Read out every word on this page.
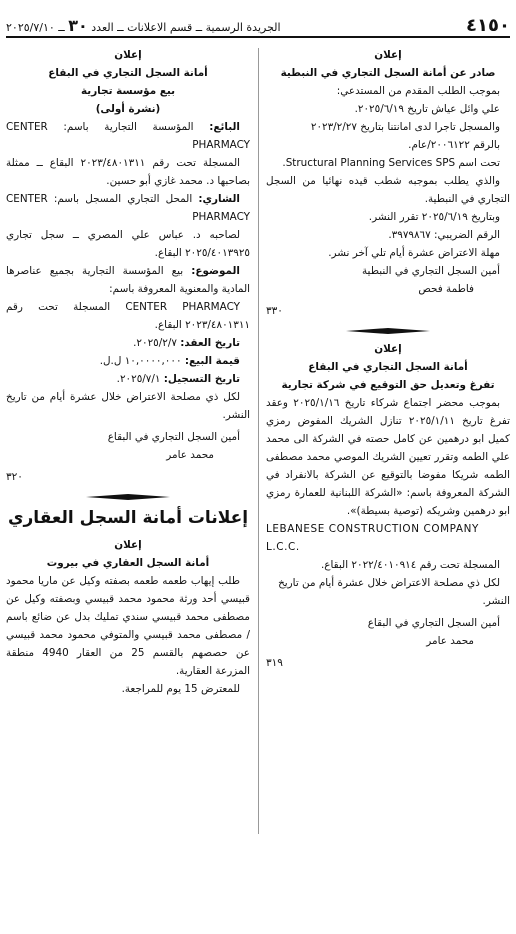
٤١٥٠
الجريدة الرسمية ــ قسم الاعلانات ــ العدد ٣٠ ــ ٢٠٢٥/٧/١٠

إعلان

صادر عن أمانة السجل التجاري في النبطية

بموجب الطلب المقدم من المستدعي:

علي وائل عياش تاريخ ٢٠٢٥/٦/١٩.

والمسجل تاجرا لدى امانتنا بتاريخ ٢٠٢٣/٢/٢٧

بالرقم ٢٠٠٦١٢٢/عام.

تحت اسم Structural Planning Services SPS.

والذي يطلب بموجبه شطب قيده نهائيا من السجل التجاري في النبطية.

وبتاريخ ٢٠٢٥/٦/١٩ تقرر النشر.

الرقم الضريبي: ٣٩٧٩٨٦٧.

مهلة الاعتراض عشرة أيام تلي آخر نشر.

أمين السجل التجاري في النبطية

فاطمة فحص

٣٣٠

إعلان

أمانة السجل التجاري في البقاع

تفرغ وتعديل حق التوقيع في شركة تجارية

بموجب محضر اجتماع شركاء تاريخ ٢٠٢٥/١/١٦ وعقد تفرغ تاريخ ٢٠٢٥/١/١١ تنازل الشريك المفوض رمزي كميل ابو درهمين عن كامل حصته في الشركة الى محمد علي الطمه وتقرر تعيين الشريك الموصي محمد مصطفى الطمه شريكا مفوضا بالتوقيع عن الشركة بالانفراد في الشركة المعروفة باسم: «الشركة اللبنانية للعمارة رمزي ابو درهمين وشريكه (توصية بسيطة)».

LEBANESE CONSTRUCTION COMPANY L.C.C.

المسجلة تحت رقم ٢٠٢٢/٤٠١٠٩١٤ البقاع.

لكل ذي مصلحة الاعتراض خلال عشرة أيام من تاريخ النشر.

أمين السجل التجاري في البقاع

محمد عامر

٣١٩

إعلان

أمانة السجل التجاري في البقاع

بيع مؤسسة تجارية

(نشرة أولى)

البائع: المؤسسة التجارية باسم: CENTER PHARMACY

المسجلة تحت رقم ٢٠٢٣/٤٨٠١٣١١ البقاع ــ ممثلة بصاحبها د. محمد غازي أبو حسين.

الشاري: المحل التجاري المسجل باسم: CENTER PHARMACY

لصاحبه د. عباس علي المصري ــ سجل تجاري ٢٠٢٥/٤٠١٣٩٢٥ البقاع.

الموضوع: بيع المؤسسة التجارية بجميع عناصرها المادية والمعنوية المعروفة باسم:

CENTER PHARMACY المسجلة تحت رقم ٢٠٢٣/٤٨٠١٣١١ البقاع.

تاريخ العقد: ٢٠٢٥/٢/٧.

قيمة البيع: ١٠,٠٠٠٠,٠٠٠ ل.ل.

تاريخ التسجيل: ٢٠٢٥/٧/١.

لكل ذي مصلحة الاعتراض خلال عشرة أيام من تاريخ النشر.

أمين السجل التجاري في البقاع

محمد عامر

٣٢٠

إعلانات أمانة السجل العقاري

إعلان

أمانة السجل العقاري في بيروت

طلب إيهاب طعمه طعمه بصفته وكيل عن ماريا محمود قبيسي أحد ورثة محمود محمد قبيسي وبصفته وكيل عن مصطفى محمد قبيسي سندي تمليك بدل عن ضائع باسم / مصطفى محمد قبيسي والمتوفي محمود محمد قبيسي عن حصصهم بالقسم 25 من العقار 4940 منطقة المزرعة العقارية.

للمعترض 15 يوم للمراجعة.
